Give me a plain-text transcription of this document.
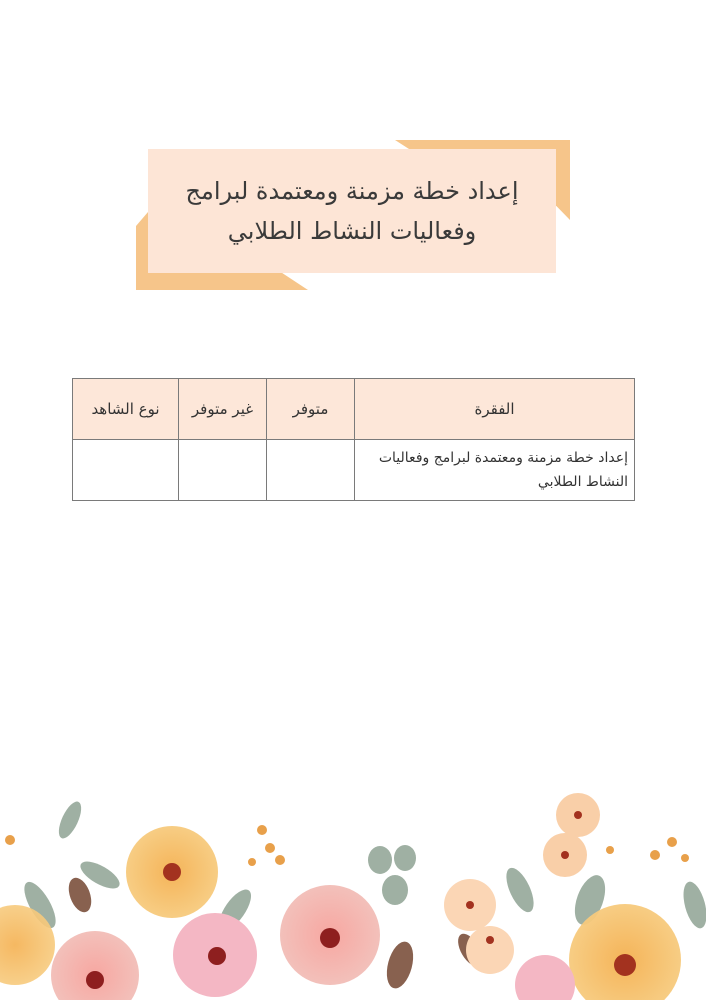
إعداد خطة مزمنة ومعتمدة لبرامج
وفعاليات النشاط الطلابي
الفقرة	متوفر	غير متوفر	نوع الشاهد
إعداد خطة مزمنة ومعتمدة لبرامج وفعاليات النشاط الطلابي			
